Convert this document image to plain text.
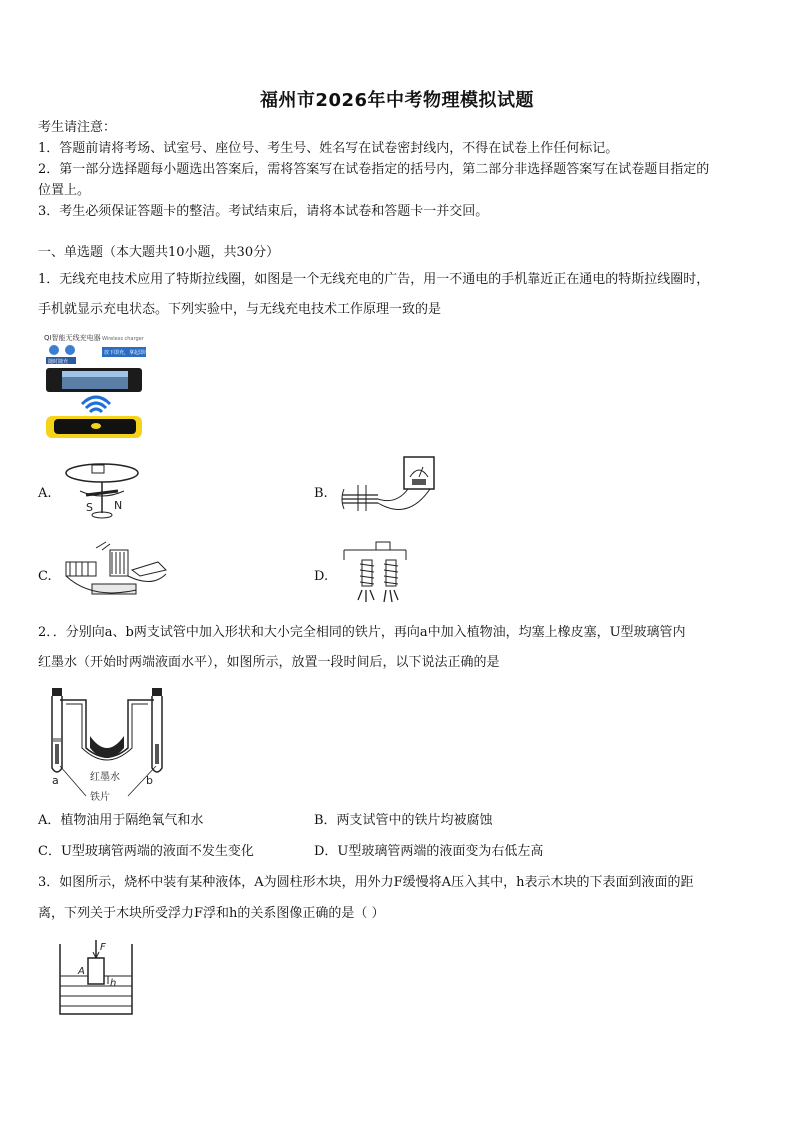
福州市2026年中考物理模拟试题
考生请注意：
1．答题前请将考场、试室号、座位号、考生号、姓名写在试卷密封线内，不得在试卷上作任何标记。
2．第一部分选择题每小题选出答案后，需将答案写在试卷指定的括号内，第二部分非选择题答案写在试卷题目指定的
位置上。
3．考生必须保证答题卡的整洁。考试结束后，请将本试卷和答题卡一并交回。
一、单选题（本大题共10小题，共30分）
1．无线充电技术应用了特斯拉线圈，如图是一个无线充电的广告，用一不通电的手机靠近正在通电的特斯拉线圈时，
手机就显示充电状态。下列实验中，与无线充电技术工作原理一致的是
QI智能无线充电器 Wireless charger
随时随充
放下即充，拿起即用
A.
S N
B.
C.	D.
2．．分别向a、b两支试管中加入形状和大小完全相同的铁片，再向a中加入植物油，均塞上橡皮塞，U型玻璃管内
红墨水（开始时两端液面水平），如图所示，放置一段时间后，以下说法正确的是
a	红墨水 b
铁片
A．植物油用于隔绝氧气和水	B．两支试管中的铁片均被腐蚀
C．U型玻璃管两端的液面不发生变化	D．U型玻璃管两端的液面变为右低左高
3．如图所示，烧杯中装有某种液体，A为圆柱形木块，用外力F缓慢将A压入其中，h表示木块的下表面到液面的距
离，下列关于木块所受浮力F浮和h的关系图像正确的是（ ）
F
A
h
